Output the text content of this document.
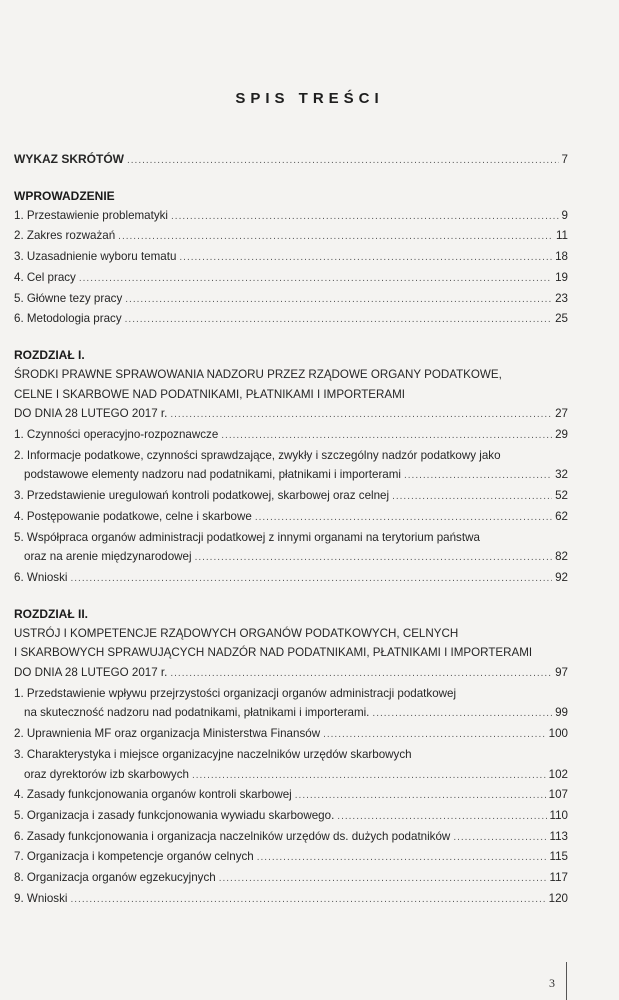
SPIS TREŚCI
WYKAZ SKRÓTÓW .....	7
WPROWADZENIE
1. Przestawienie problematyki .....	9
2. Zakres rozważań .....	11
3. Uzasadnienie wyboru tematu .....	18
4. Cel pracy .....	19
5. Główne tezy pracy .....	23
6. Metodologia pracy .....	25
ROZDZIAŁ I.
ŚRODKI PRAWNE SPRAWOWANIA NADZORU PRZEZ RZĄDOWE ORGANY PODATKOWE,
CELNE I SKARBOWE NAD PODATNIKAMI, PŁATNIKAMI I IMPORTERAMI
DO DNIA 28 LUTEGO 2017 r. .....	27
1. Czynności operacyjno-rozpoznawcze .....	29
2. Informacje podatkowe, czynności sprawdzające, zwykły i szczególny nadzór podatkowy jako
podstawowe elementy nadzoru nad podatnikami, płatnikami i importerami .....	32
3. Przedstawienie uregulowań kontroli podatkowej, skarbowej oraz celnej .....	52
4. Postępowanie podatkowe, celne i skarbowe .....	62
5. Współpraca organów administracji podatkowej z innymi organami na terytorium państwa
oraz na arenie międzynarodowej .....	82
6. Wnioski .....	92
ROZDZIAŁ II.
USTRÓJ I KOMPETENCJE RZĄDOWYCH ORGANÓW PODATKOWYCH, CELNYCH
I SKARBOWYCH SPRAWUJĄCYCH NADZÓR NAD PODATNIKAMI, PŁATNIKAMI I IMPORTERAMI
DO DNIA 28 LUTEGO 2017 r. .....	97
1. Przedstawienie wpływu przejrzystości organizacji organów administracji podatkowej
na skuteczność nadzoru nad podatnikami, płatnikami i importerami. .....	99
2. Uprawnienia MF oraz organizacja Ministerstwa Finansów .....	100
3. Charakterystyka i miejsce organizacyjne naczelników urzędów skarbowych
oraz dyrektorów izb skarbowych .....	102
4. Zasady funkcjonowania organów kontroli skarbowej .....	107
5. Organizacja i zasady funkcjonowania wywiadu skarbowego. .....	110
6. Zasady funkcjonowania i organizacja naczelników urzędów ds. dużych podatników .....	113
7. Organizacja i kompetencje organów celnych .....	115
8. Organizacja organów egzekucyjnych .....	117
9. Wnioski .....	120
3
